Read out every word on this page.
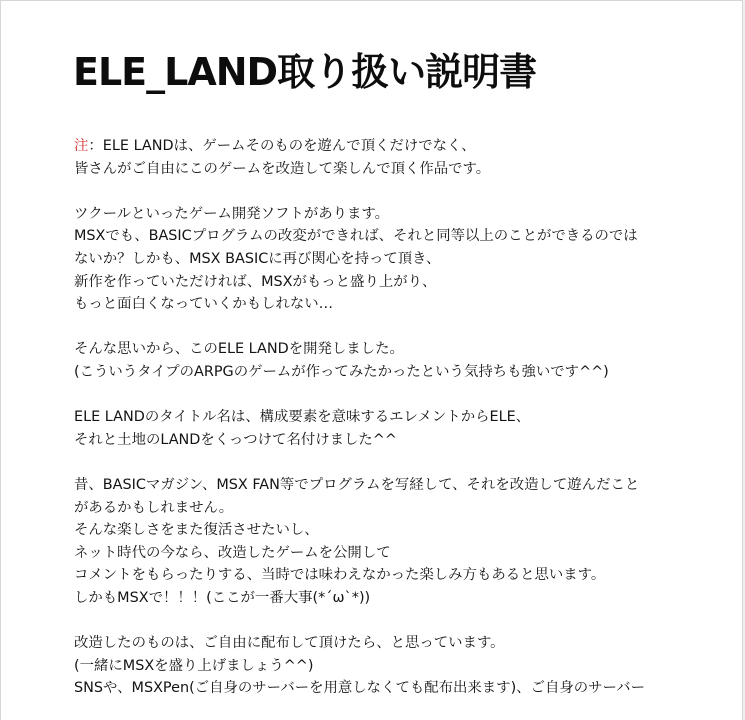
ELE_LAND取り扱い説明書
注：ELE LANDは、ゲームそのものを遊んで頂くだけでなく、
皆さんがご自由にこのゲームを改造して楽しんで頂く作品です。
ツクールといったゲーム開発ソフトがあります。
MSXでも、BASICプログラムの改変ができれば、それと同等以上のことができるのでは
ないか？しかも、MSX BASICに再び関心を持って頂き、
新作を作っていただければ、MSXがもっと盛り上がり、
もっと面白くなっていくかもしれない…
そんな思いから、このELE LANDを開発しました。
(こういうタイプのARPGのゲームが作ってみたかったという気持ちも強いです^^)
ELE LANDのタイトル名は、構成要素を意味するエレメントからELE、
それと土地のLANDをくっつけて名付けました^^
昔、BASICマガジン、MSX FAN等でプログラムを写経して、それを改造して遊んだこと
があるかもしれません。
そんな楽しさをまた復活させたいし、
ネット時代の今なら、改造したゲームを公開して
コメントをもらったりする、当時では味わえなかった楽しみ方もあると思います。
しかもMSXで！！！(ここが一番大事(*´ω`*))
改造したのものは、ご自由に配布して頂けたら、と思っています。
(一緒にMSXを盛り上げましょう^^)
SNSや、MSXPen(ご自身のサーバーを用意しなくても配布出来ます)、ご自身のサーバー
